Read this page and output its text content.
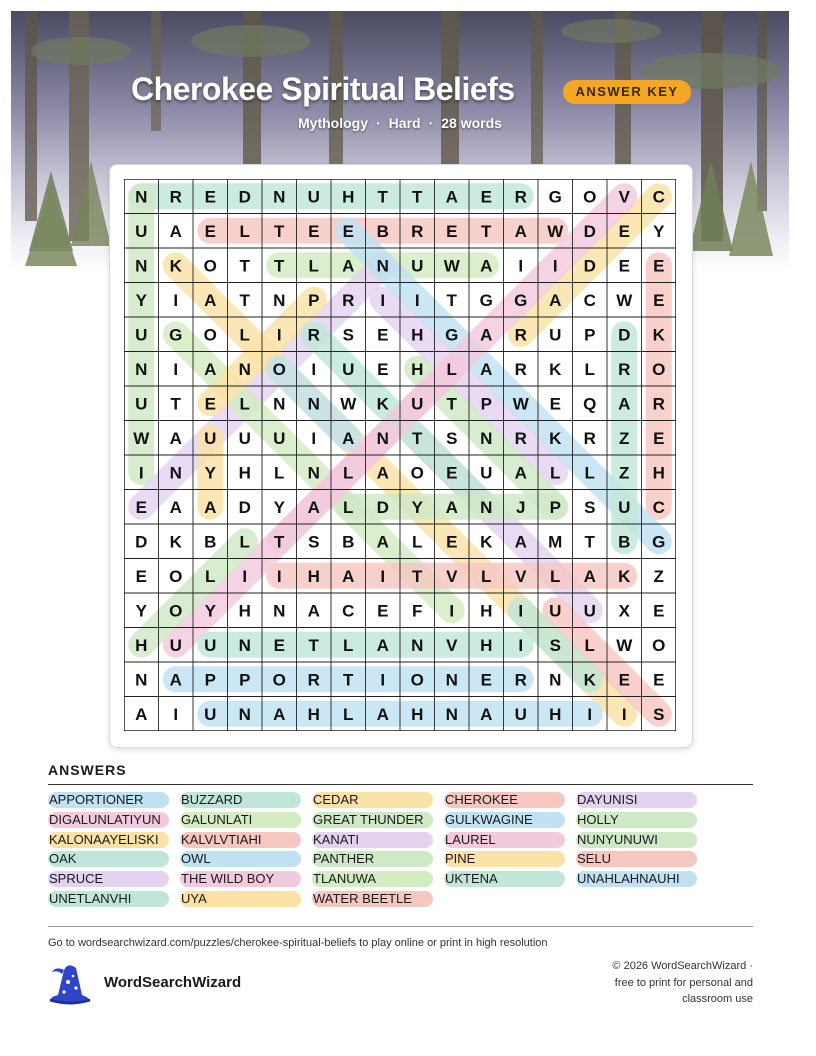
Cherokee Spiritual Beliefs	ANSWER KEY
Mythology · Hard · 28 words
N R E D N U H T T A E R G O V C
U A E L T E E B R E T A W D E Y
N K O T T L A N U W A I I D E E
Y I A T N P R I I T G G A C W E
U G O L I R S E H G A R U P D K
N I A N O I U E H L A R K L R O
U T E L N N W K U T P W E Q A R
W A U U U I A N T S N R K R Z E
I N Y H L N L A O E U A L L Z H
E A A D Y A L D Y A N J P S U C
D K B L T S B A L E K A M T B G
E O L I I H A I T V L V L A K Z
Y O Y H N A C E F I H I U U X E
H U U N E T L A N V H I S L W O
N A P P O R T I O N E R N K E E
A I U N A H L A H N A U H I I S
ANSWERS
APPORTIONER	BUZZARD	CEDAR	CHEROKEE	DAYUNISI
DIGALUNLATIYUN	GALUNLATI	GREAT THUNDER	GULKWAGINE	HOLLY
KALONAAYELISKI	KALVLVTIAHI	KANATI	LAUREL	NUNYUNUWI
OAK	OWL	PANTHER	PINE	SELU
SPRUCE	THE WILD BOY	TLANUWA	UKTENA	UNAHLAHNAUHI
UNETLANVHI	UYA	WATER BEETLE
Go to wordsearchwizard.com/puzzles/cherokee-spiritual-beliefs to play online or print in high resolution
WordSearchWizard
© 2026 WordSearchWizard ·
free to print for personal and
classroom use
